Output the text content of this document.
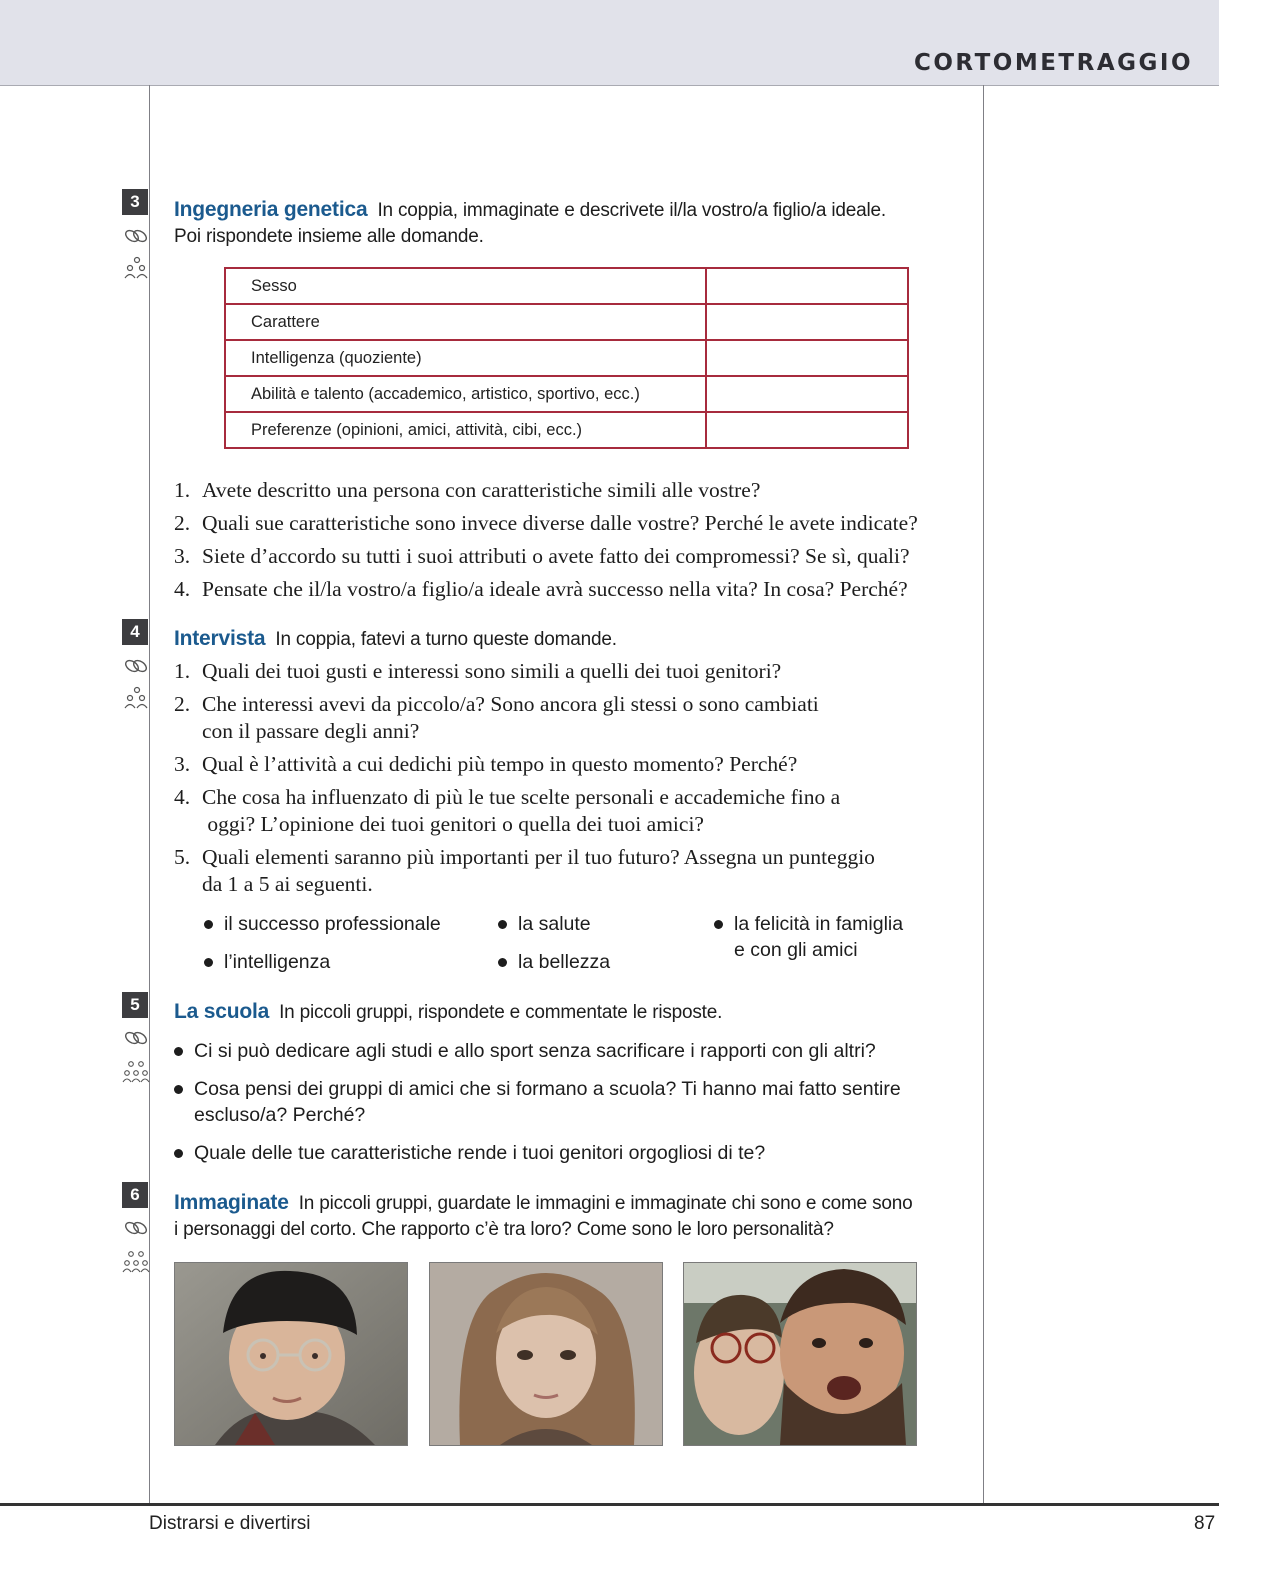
CORTOMETRAGGIO
3	Ingegneria genetica In coppia, immaginate e descrivete il/la vostro/a figlio/a ideale.
Poi rispondete insieme alle domande.
Sesso	
Carattere	
Intelligenza (quoziente)	
Abilità e talento (accademico, artistico, sportivo, ecc.)	
Preferenze (opinioni, amici, attività, cibi, ecc.)	
1. Avete descritto una persona con caratteristiche simili alle vostre?
2. Quali sue caratteristiche sono invece diverse dalle vostre? Perché le avete indicate?
3. Siete d’accordo su tutti i suoi attributi o avete fatto dei compromessi? Se sì, quali?
4. Pensate che il/la vostro/a figlio/a ideale avrà successo nella vita? In cosa? Perché?
4	Intervista In coppia, fatevi a turno queste domande.
1. Quali dei tuoi gusti e interessi sono simili a quelli dei tuoi genitori?
2. Che interessi avevi da piccolo/a? Sono ancora gli stessi o sono cambiati
con il passare degli anni?
3. Qual è l’attività a cui dedichi più tempo in questo momento? Perché?
4. Che cosa ha influenzato di più le tue scelte personali e accademiche fino a
oggi? L’opinione dei tuoi genitori o quella dei tuoi amici?
5. Quali elementi saranno più importanti per il tuo futuro? Assegna un punteggio
da 1 a 5 ai seguenti.
il successo professionale
l’intelligenza
la salute
la bellezza
la felicità in famiglia
e con gli amici
5	La scuola In piccoli gruppi, rispondete e commentate le risposte.
Ci si può dedicare agli studi e allo sport senza sacrificare i rapporti con gli altri?
Cosa pensi dei gruppi di amici che si formano a scuola? Ti hanno mai fatto sentire
escluso/a? Perché?
Quale delle tue caratteristiche rende i tuoi genitori orgogliosi di te?
6	Immaginate In piccoli gruppi, guardate le immagini e immaginate chi sono e come sono
i personaggi del corto. Che rapporto c’è tra loro? Come sono le loro personalità?
Distrarsi e divertirsi	87
